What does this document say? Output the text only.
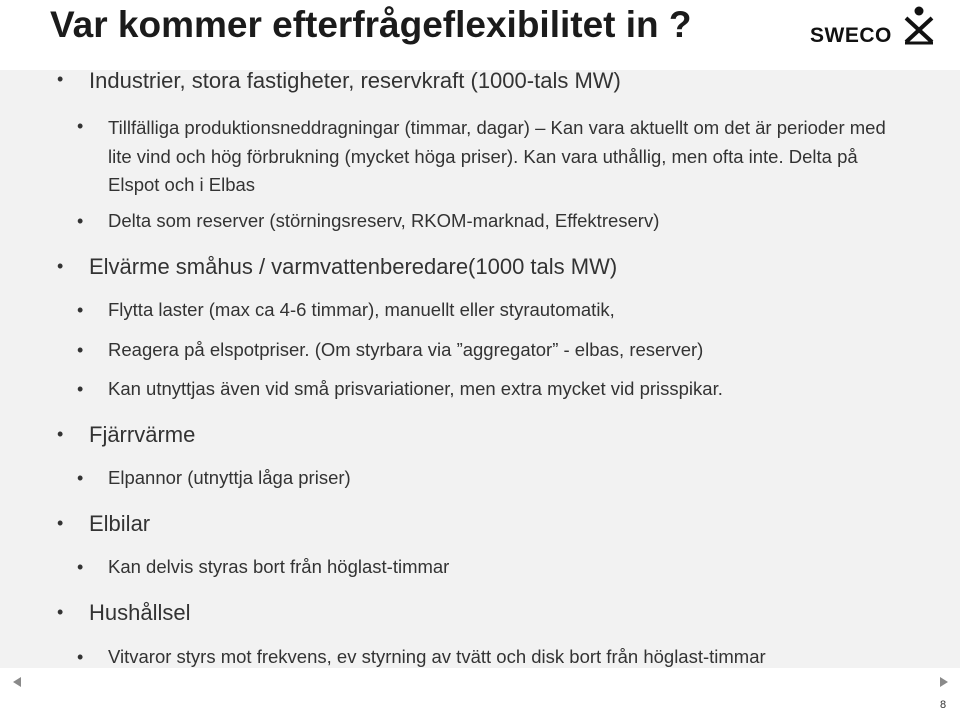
Var kommer efterfrågeflexibilitet in ?	SWECO
• Industrier, stora fastigheter, reservkraft (1000-tals MW)
• Tillfälliga produktionsneddragningar (timmar, dagar) – Kan vara aktuellt om det är perioder med lite vind och hög förbrukning (mycket höga priser). Kan vara uthållig, men ofta inte. Delta på Elspot och i Elbas
• Delta som reserver (störningsreserv, RKOM-marknad, Effektreserv)
• Elvärme småhus / varmvattenberedare(1000 tals MW)
• Flytta laster (max ca 4-6 timmar), manuellt eller styrautomatik,
• Reagera på elspotpriser. (Om styrbara via ”aggregator” - elbas, reserver)
• Kan utnyttjas även vid små prisvariationer, men extra mycket vid prisspikar.
• Fjärrvärme
• Elpannor (utnyttja låga priser)
• Elbilar
• Kan delvis styras bort från höglast-timmar
• Hushållsel
• Vitvaror styrs mot frekvens, ev styrning av tvätt och disk bort från höglast-timmar
8
